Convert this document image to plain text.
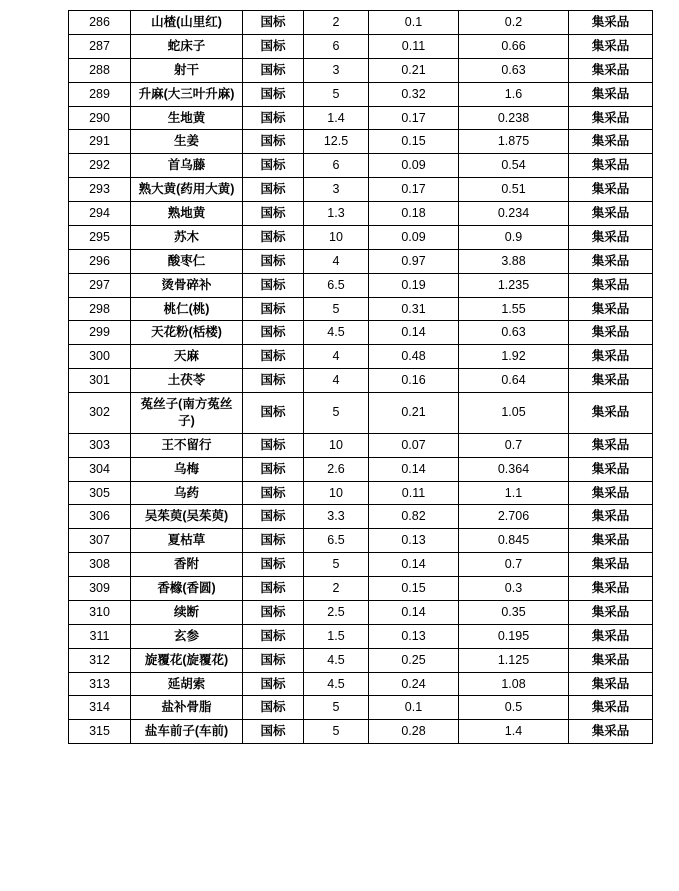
286	山楂(山里红)	国标	2	0.1	0.2	集采品
287	蛇床子	国标	6	0.11	0.66	集采品
288	射干	国标	3	0.21	0.63	集采品
289	升麻(大三叶升麻)	国标	5	0.32	1.6	集采品
290	生地黄	国标	1.4	0.17	0.238	集采品
291	生姜	国标	12.5	0.15	1.875	集采品
292	首乌藤	国标	6	0.09	0.54	集采品
293	熟大黄(药用大黄)	国标	3	0.17	0.51	集采品
294	熟地黄	国标	1.3	0.18	0.234	集采品
295	苏木	国标	10	0.09	0.9	集采品
296	酸枣仁	国标	4	0.97	3.88	集采品
297	烫骨碎补	国标	6.5	0.19	1.235	集采品
298	桃仁(桃)	国标	5	0.31	1.55	集采品
299	天花粉(栝楼)	国标	4.5	0.14	0.63	集采品
300	天麻	国标	4	0.48	1.92	集采品
301	土茯苓	国标	4	0.16	0.64	集采品
302	菟丝子(南方菟丝子)	国标	5	0.21	1.05	集采品
303	王不留行	国标	10	0.07	0.7	集采品
304	乌梅	国标	2.6	0.14	0.364	集采品
305	乌药	国标	10	0.11	1.1	集采品
306	吴茱萸(吴茱萸)	国标	3.3	0.82	2.706	集采品
307	夏枯草	国标	6.5	0.13	0.845	集采品
308	香附	国标	5	0.14	0.7	集采品
309	香橼(香圆)	国标	2	0.15	0.3	集采品
310	续断	国标	2.5	0.14	0.35	集采品
311	玄参	国标	1.5	0.13	0.195	集采品
312	旋覆花(旋覆花)	国标	4.5	0.25	1.125	集采品
313	延胡索	国标	4.5	0.24	1.08	集采品
314	盐补骨脂	国标	5	0.1	0.5	集采品
315	盐车前子(车前)	国标	5	0.28	1.4	集采品
